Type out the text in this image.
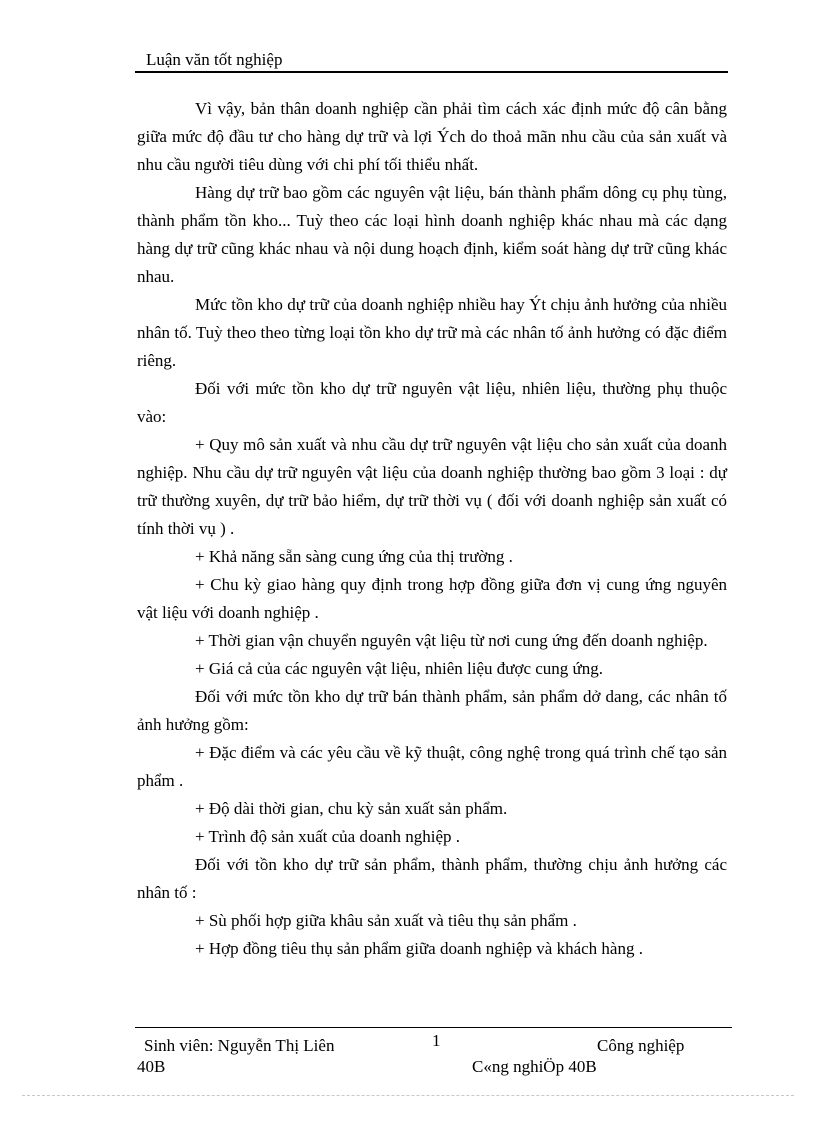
Luận văn tốt nghiệp

Vì vậy, bản thân doanh nghiệp cần phải tìm cách xác định mức độ cân bằng giữa mức độ đầu tư cho hàng dự trữ và lợi Ých do thoả mãn nhu cầu của sản xuất và nhu cầu người tiêu dùng với chi phí tối thiểu nhất.

Hàng dự trữ bao gồm các nguyên vật liệu, bán thành phẩm dông cụ phụ tùng, thành phẩm tồn kho... Tuỳ theo các loại hình doanh nghiệp khác nhau mà các dạng hàng dự trữ cũng khác nhau và nội dung hoạch định, kiểm soát hàng dự trữ cũng khác nhau.

Mức tồn kho dự trữ của doanh nghiệp nhiều hay Ýt chịu ảnh hưởng của nhiều nhân tố. Tuỳ theo theo từng loại tồn kho dự trữ mà các nhân tố ảnh hưởng có đặc điểm riêng.

Đối với mức tồn kho dự trữ nguyên vật liệu, nhiên liệu, thường phụ thuộc vào:

+ Quy mô sản xuất và nhu cầu dự trữ nguyên vật liệu cho sản xuất của doanh nghiệp. Nhu cầu dự trữ nguyên vật liệu của doanh nghiệp thường bao gồm 3 loại : dự trữ thường xuyên, dự trữ bảo hiểm, dự trữ thời vụ ( đối với doanh nghiệp sản xuất có tính thời vụ ) .

+ Khả năng sẵn sàng cung ứng của thị trường .

+ Chu kỳ giao hàng quy định trong hợp đồng giữa đơn vị cung ứng nguyên vật liệu với doanh nghiệp .

+ Thời gian vận chuyển nguyên vật liệu từ nơi cung ứng đến doanh nghiệp.

+ Giá cả của các nguyên vật liệu, nhiên liệu được cung ứng.

Đối với mức tồn kho dự trữ bán thành phẩm, sản phẩm dở dang, các nhân tố ảnh hưởng gồm:

+ Đặc điểm và các yêu cầu về kỹ thuật, công nghệ trong quá trình chế tạo sản phẩm .

+ Độ dài thời gian, chu kỳ sản xuất sản phẩm.

+ Trình độ sản xuất của doanh nghiệp .

Đối với tồn kho dự trữ sản phẩm, thành phẩm, thường chịu ảnh hưởng các nhân tố :

+ Sù phối hợp giữa khâu sản xuất và tiêu thụ sản phẩm .

+ Hợp đồng tiêu thụ sản phẩm giữa doanh nghiệp và khách hàng .

Sinh viên: Nguyễn Thị Liên
40B
1	Công nghiệp
C«ng nghiÖp 40B
